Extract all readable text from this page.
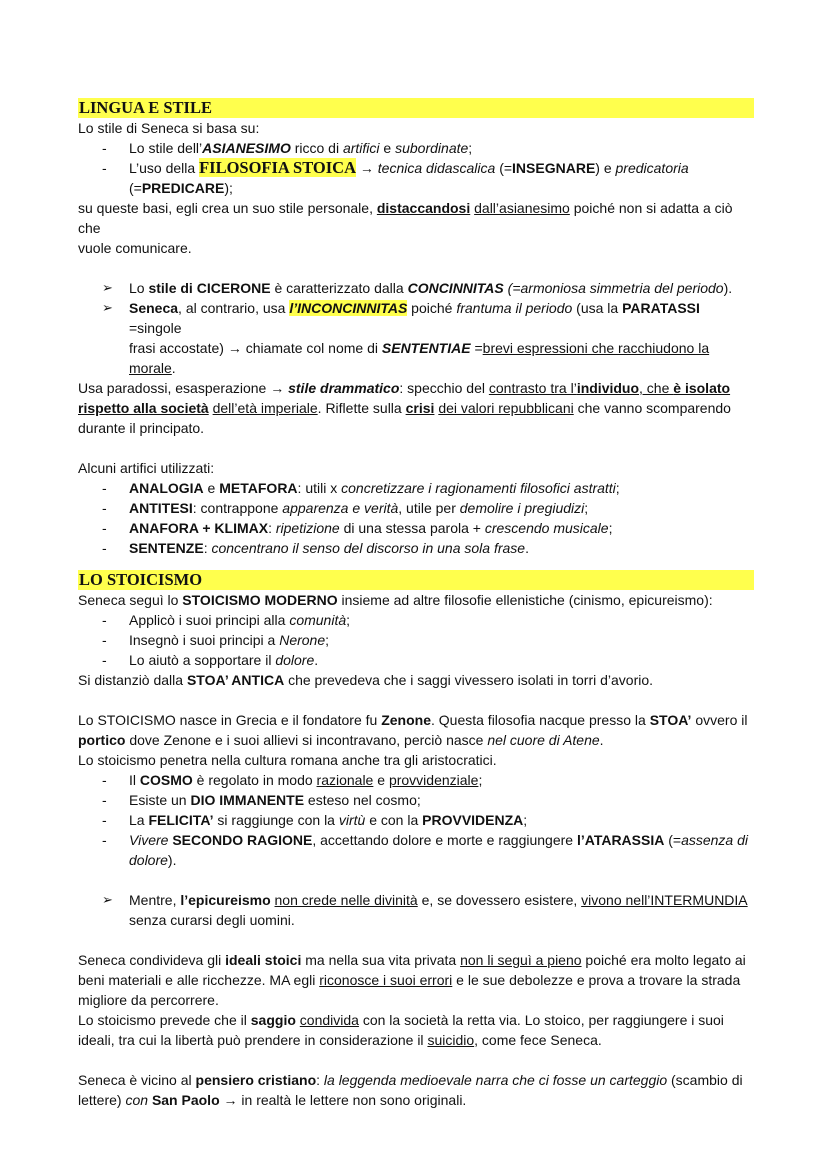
LINGUA E STILE

Lo stile di Seneca si basa su:

- Lo stile dell’ASIANESIMO ricco di artifici e subordinate;
- L’uso della FILOSOFIA STOICA → tecnica didascalica (=INSEGNARE) e predicatoria
(=PREDICARE);

su queste basi, egli crea un suo stile personale, distaccandosi dall’asianesimo poiché non si adatta a ciò che
vuole comunicare.

➢ Lo stile di CICERONE è caratterizzato dalla CONCINNITAS (=armoniosa simmetria del periodo).
➢ Seneca, al contrario, usa l’INCONCINNITAS poiché frantuma il periodo (usa la PARATASSI =singole
frasi accostate) → chiamate col nome di SENTENTIAE =brevi espressioni che racchiudono la morale.

Usa paradossi, esasperazione → stile drammatico: specchio del contrasto tra l’individuo, che è isolato
rispetto alla società dell’età imperiale. Riflette sulla crisi dei valori repubblicani che vanno scomparendo
durante il principato.

Alcuni artifici utilizzati:

- ANALOGIA e METAFORA: utili x concretizzare i ragionamenti filosofici astratti;
- ANTITESI: contrappone apparenza e verità, utile per demolire i pregiudizi;
- ANAFORA + KLIMAX: ripetizione di una stessa parola + crescendo musicale;
- SENTENZE: concentrano il senso del discorso in una sola frase.
LO STOICISMO

Seneca seguì lo STOICISMO MODERNO insieme ad altre filosofie ellenistiche (cinismo, epicureismo):

- Applicò i suoi principi alla comunità;
- Insegnò i suoi principi a Nerone;
- Lo aiutò a sopportare il dolore.

Si distanziò dalla STOA’ ANTICA che prevedeva che i saggi vivessero isolati in torri d’avorio.

Lo STOICISMO nasce in Grecia e il fondatore fu Zenone. Questa filosofia nacque presso la STOA’ ovvero il
portico dove Zenone e i suoi allievi si incontravano, perciò nasce nel cuore di Atene.

Lo stoicismo penetra nella cultura romana anche tra gli aristocratici.

- Il COSMO è regolato in modo razionale e provvidenziale;
- Esiste un DIO IMMANENTE esteso nel cosmo;
- La FELICITA’ si raggiunge con la virtù e con la PROVVIDENZA;
- Vivere SECONDO RAGIONE, accettando dolore e morte e raggiungere l’ATARASSIA (=assenza di
dolore).
➢ Mentre, l’epicureismo non crede nelle divinità e, se dovessero esistere, vivono nell’INTERMUNDIA
senza curarsi degli uomini.

Seneca condivideva gli ideali stoici ma nella sua vita privata non li seguì a pieno poiché era molto legato ai
beni materiali e alle ricchezze. MA egli riconosce i suoi errori e le sue debolezze e prova a trovare la strada
migliore da percorrere.

Lo stoicismo prevede che il saggio condivida con la società la retta via. Lo stoico, per raggiungere i suoi
ideali, tra cui la libertà può prendere in considerazione il suicidio, come fece Seneca.

Seneca è vicino al pensiero cristiano: la leggenda medioevale narra che ci fosse un carteggio (scambio di
lettere) con San Paolo → in realtà le lettere non sono originali.
